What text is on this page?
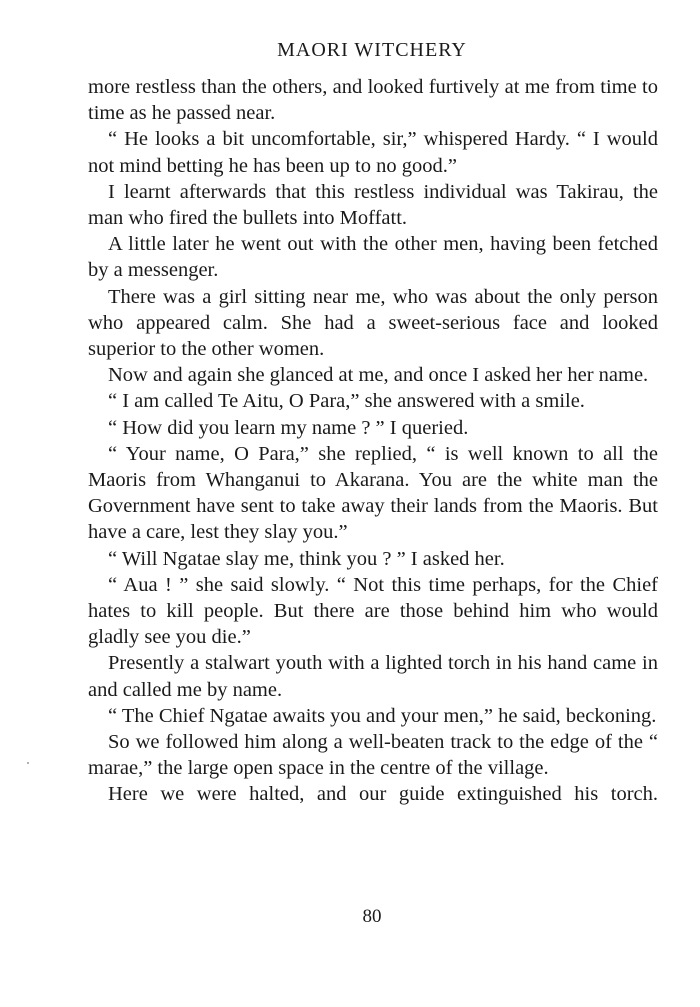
MAORI WITCHERY

more restless than the others, and looked furtively at me from time to time as he passed near.

“ He looks a bit uncomfortable, sir,” whispered Hardy. “ I would not mind betting he has been up to no good.”

I learnt afterwards that this restless individual was Takirau, the man who fired the bullets into Moffatt.

A little later he went out with the other men, having been fetched by a messenger.

There was a girl sitting near me, who was about the only person who appeared calm. She had a sweet-serious face and looked superior to the other women.

Now and again she glanced at me, and once I asked her her name.

“ I am called Te Aitu, O Para,” she answered with a smile.

“ How did you learn my name ? ” I queried.

“ Your name, O Para,” she replied, “ is well known to all the Maoris from Whanganui to Akarana. You are the white man the Government have sent to take away their lands from the Maoris. But have a care, lest they slay you.”

“ Will Ngatae slay me, think you ? ” I asked her.

“ Aua ! ” she said slowly. “ Not this time perhaps, for the Chief hates to kill people. But there are those behind him who would gladly see you die.”

Presently a stalwart youth with a lighted torch in his hand came in and called me by name.

“ The Chief Ngatae awaits you and your men,” he said, beckoning.

So we followed him along a well-beaten track to the edge of the “ marae,” the large open space in the centre of the village.

Here we were halted, and our guide extinguished his torch.

80
